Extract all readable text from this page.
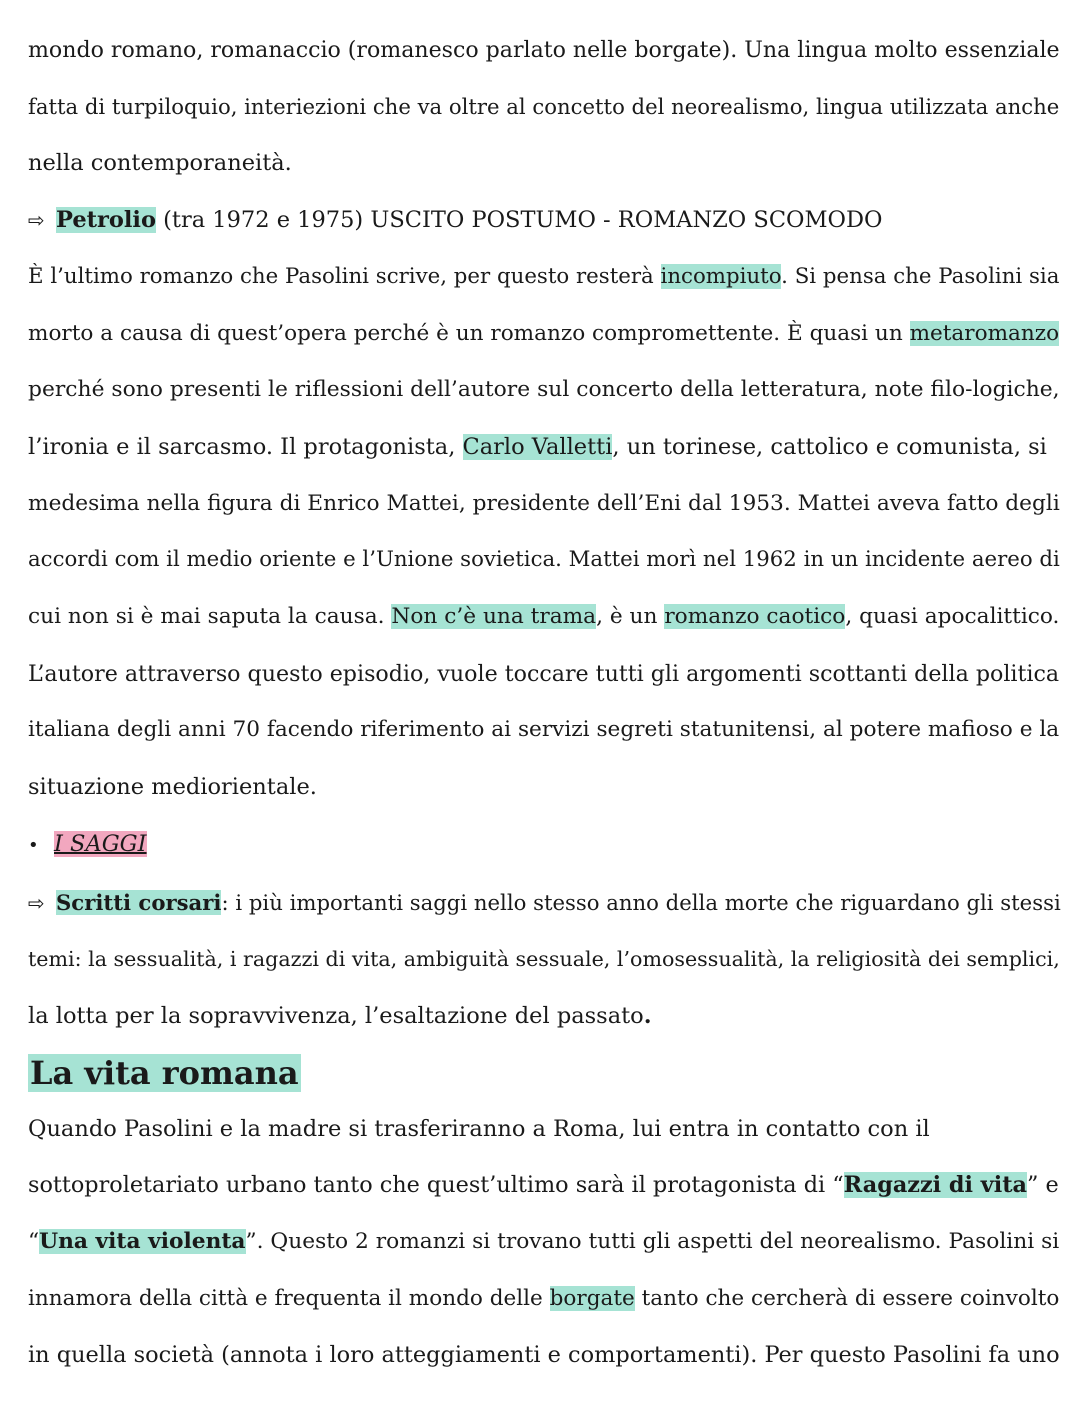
mondo romano, romanaccio (romanesco parlato nelle borgate). Una lingua molto essenziale
fatta di turpiloquio, interiezioni che va oltre al concetto del neorealismo, lingua utilizzata anche
nella contemporaneità.
⇨ Petrolio (tra 1972 e 1975) USCITO POSTUMO - ROMANZO SCOMODO
È l’ultimo romanzo che Pasolini scrive, per questo resterà incompiuto. Si pensa che Pasolini sia
morto a causa di quest’opera perché è un romanzo compromettente. È quasi un metaromanzo
perché sono presenti le riflessioni dell’autore sul concerto della letteratura, note filo-logiche,
l’ironia e il sarcasmo. Il protagonista, Carlo Valletti, un torinese, cattolico e comunista, si
medesima nella figura di Enrico Mattei, presidente dell’Eni dal 1953. Mattei aveva fatto degli
accordi com il medio oriente e l’Unione sovietica. Mattei morì nel 1962 in un incidente aereo di
cui non si è mai saputa la causa. Non c’è una trama, è un romanzo caotico, quasi apocalittico.
L’autore attraverso questo episodio, vuole toccare tutti gli argomenti scottanti della politica
italiana degli anni 70 facendo riferimento ai servizi segreti statunitensi, al potere mafioso e la
situazione mediorientale.
• I SAGGI
⇨ Scritti corsari: i più importanti saggi nello stesso anno della morte che riguardano gli stessi
temi: la sessualità, i ragazzi di vita, ambiguità sessuale, l’omosessualità, la religiosità dei semplici,
la lotta per la sopravvivenza, l’esaltazione del passato.
La vita romana
Quando Pasolini e la madre si trasferiranno a Roma, lui entra in contatto con il
sottoproletariato urbano tanto che quest’ultimo sarà il protagonista di “Ragazzi di vita” e
“Una vita violenta”. Questo 2 romanzi si trovano tutti gli aspetti del neorealismo. Pasolini si
innamora della città e frequenta il mondo delle borgate tanto che cercherà di essere coinvolto
in quella società (annota i loro atteggiamenti e comportamenti). Per questo Pasolini fa uno
